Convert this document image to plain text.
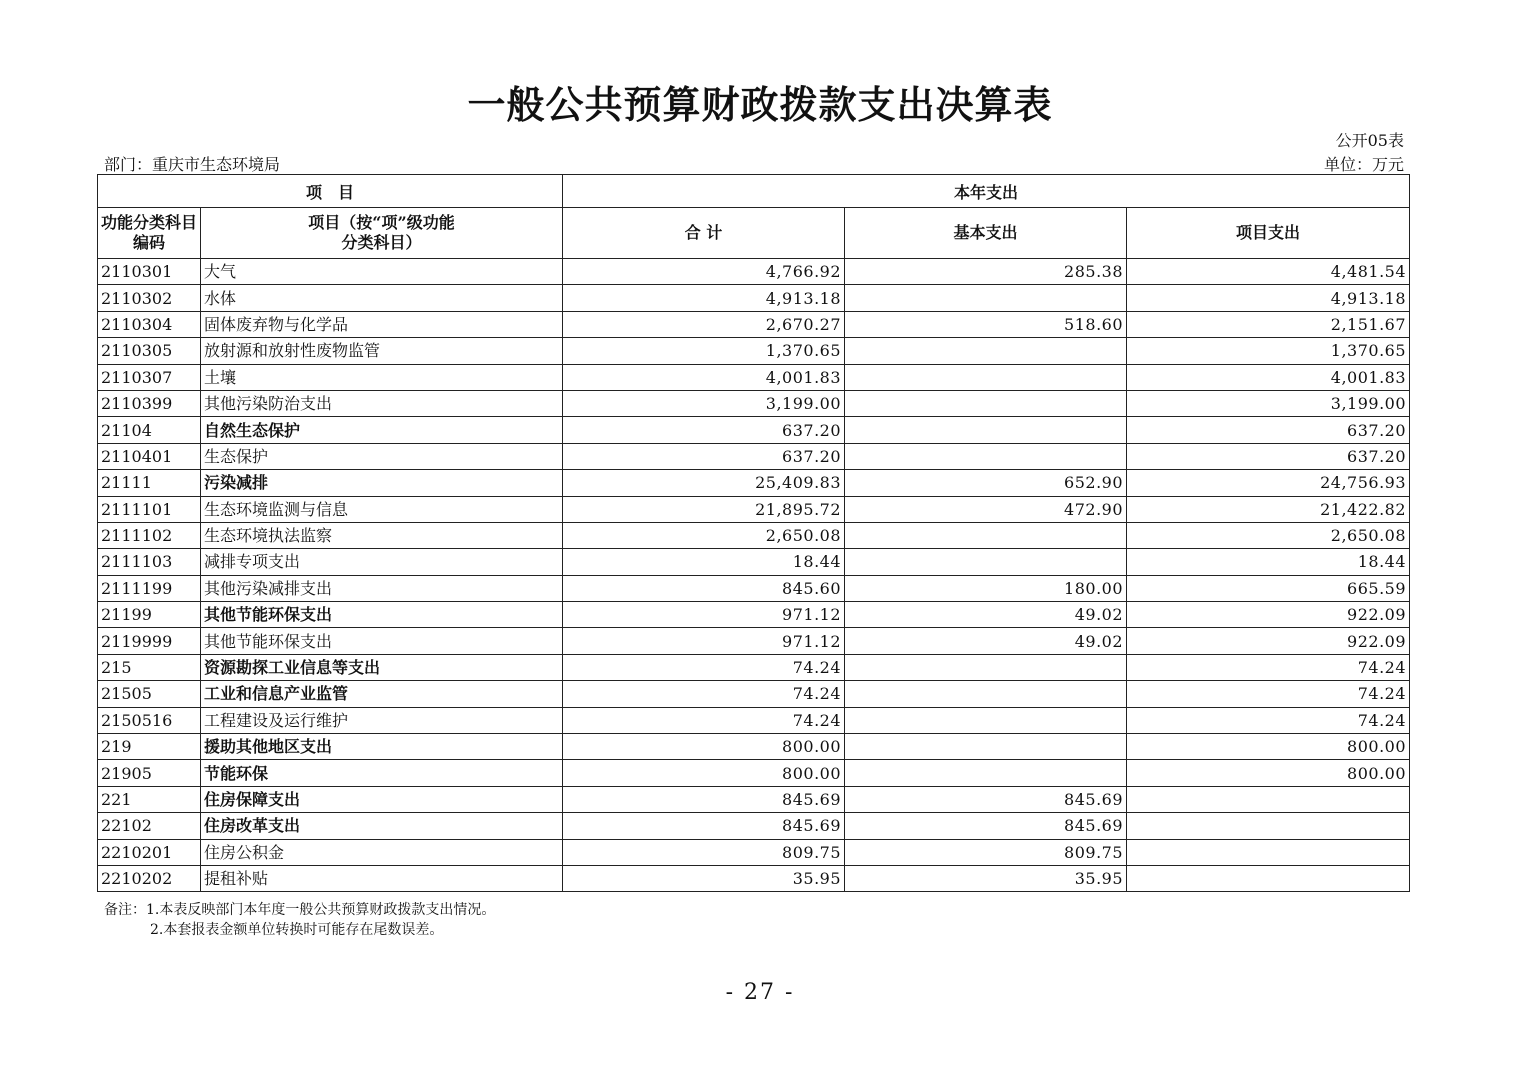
一般公共预算财政拨款支出决算表
公开05表
部门：重庆市生态环境局	单位：万元
项　目		本年支出		
功能分类科目编码	项目（按“项”级功能分类科目）	合 计	基本支出	项目支出
2110301	大气	4,766.92	285.38	4,481.54
2110302	水体	4,913.18		4,913.18
2110304	固体废弃物与化学品	2,670.27	518.60	2,151.67
2110305	放射源和放射性废物监管	1,370.65		1,370.65
2110307	土壤	4,001.83		4,001.83
2110399	其他污染防治支出	3,199.00		3,199.00
21104	自然生态保护	637.20		637.20
2110401	生态保护	637.20		637.20
21111	污染减排	25,409.83	652.90	24,756.93
2111101	生态环境监测与信息	21,895.72	472.90	21,422.82
2111102	生态环境执法监察	2,650.08		2,650.08
2111103	减排专项支出	18.44		18.44
2111199	其他污染减排支出	845.60	180.00	665.59
21199	其他节能环保支出	971.12	49.02	922.09
2119999	其他节能环保支出	971.12	49.02	922.09
215	资源勘探工业信息等支出	74.24		74.24
21505	工业和信息产业监管	74.24		74.24
2150516	工程建设及运行维护	74.24		74.24
219	援助其他地区支出	800.00		800.00
21905	节能环保	800.00		800.00
221	住房保障支出	845.69	845.69	
22102	住房改革支出	845.69	845.69	
2210201	住房公积金	809.75	809.75	
2210202	提租补贴	35.95	35.95	
备注：1.本表反映部门本年度一般公共预算财政拨款支出情况。
2.本套报表金额单位转换时可能存在尾数误差。
- 27 -
